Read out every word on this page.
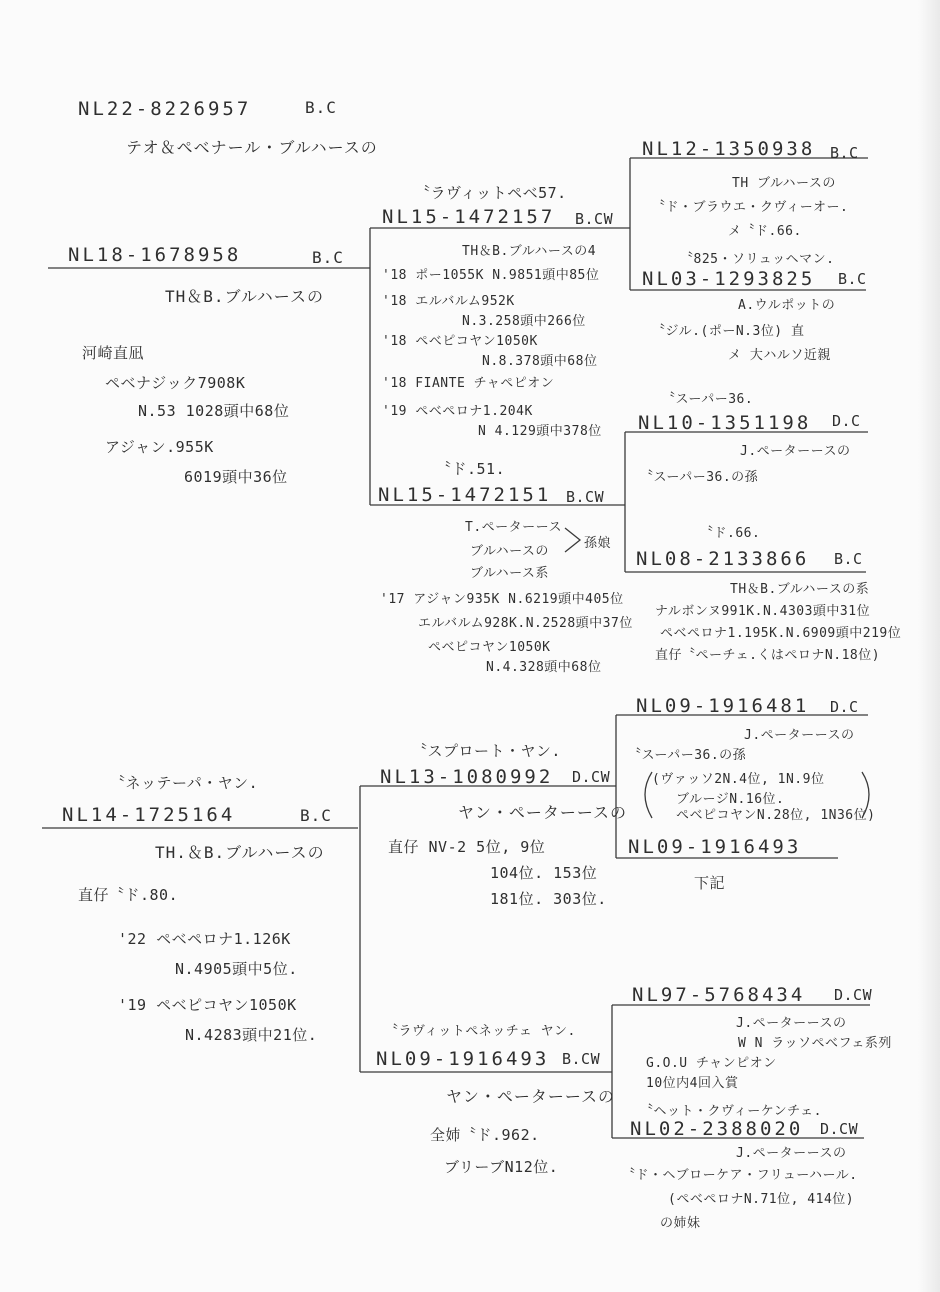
NL22-8226957	B.C
テオ＆ペベナール・ブルハースの
NL18-1678958	B.C
TH＆B.ブルハースの
河崎直凪
ペベナジック7908K
N.53 1028頭中68位
アジャン.955K
6019頭中36位
〝ラヴィットペベ57.
NL15-1472157 B.CW
TH＆B.ブルハースの4
'18 ポー1055K N.9851頭中85位
'18 エルバルム952K
N.3.258頭中266位
'18 ペベピコヤン1050K
N.8.378頭中68位
'18 FIANTE チャペピオン
'19 ペベペロナ1.204K
N 4.129頭中378位
NL12-1350938 B.C
TH ブルハースの
〝ド・ブラウエ・クヴィーオー.
メ〝ド.66.
〝825・ソリュッヘマン.
NL03-1293825 B.C
A.ウルポットの
〝ジル.(ポーN.3位) 直
メ 大ハルソ近親
〝ド.51.
NL15-1472151 B.CW
T.ペーターース
ブルハースの
ブルハース系
孫娘
'17 アジャン935K N.6219頭中405位
エルバルム928K.N.2528頭中37位
ペベピコヤン1050K
N.4.328頭中68位
〝スーパー36.
NL10-1351198 D.C
J.ペーターースの
〝スーパー36.の孫
〝ド.66.
NL08-2133866 B.C
TH＆B.ブルハースの系
ナルボンヌ991K.N.4303頭中31位
ペベペロナ1.195K.N.6909頭中219位
直仔〝ペーチェ.くはペロナN.18位)
〝ネッテーパ・ヤン.
NL14-1725164	B.C
TH.＆B.ブルハースの
直仔〝ド.80.
'22 ペベペロナ1.126K
N.4905頭中5位.
'19 ペベピコヤン1050K
N.4283頭中21位.
〝スプロート・ヤン.
NL13-1080992 D.CW
ヤン・ペーターースの
直仔 NV-2 5位, 9位
104位. 153位
181位. 303位.
NL09-1916481 D.C
J.ペーターースの
〝スーパー36.の孫
(ヴァッソ2N.4位, 1N.9位
ブルージN.16位.
ペベピコヤンN.28位, 1N36位)
NL09-1916493
下記
〝ラヴィットペネッチェ ヤン.
NL09-1916493 B.CW
ヤン・ペーターースの
全姉〝ド.962.
ブリーブN12位.
NL97-5768434 D.CW
J.ペーターースの
W N ラッソペベフェ系列
G.O.U チャンピオン
10位内4回入賞
〝ヘット・クヴィーケンチェ.
NL02-2388020 D.CW
J.ペーターースの
〝ド・ヘブローケア・フリューハール.
(ペベペロナN.71位, 414位)
の姉妹
